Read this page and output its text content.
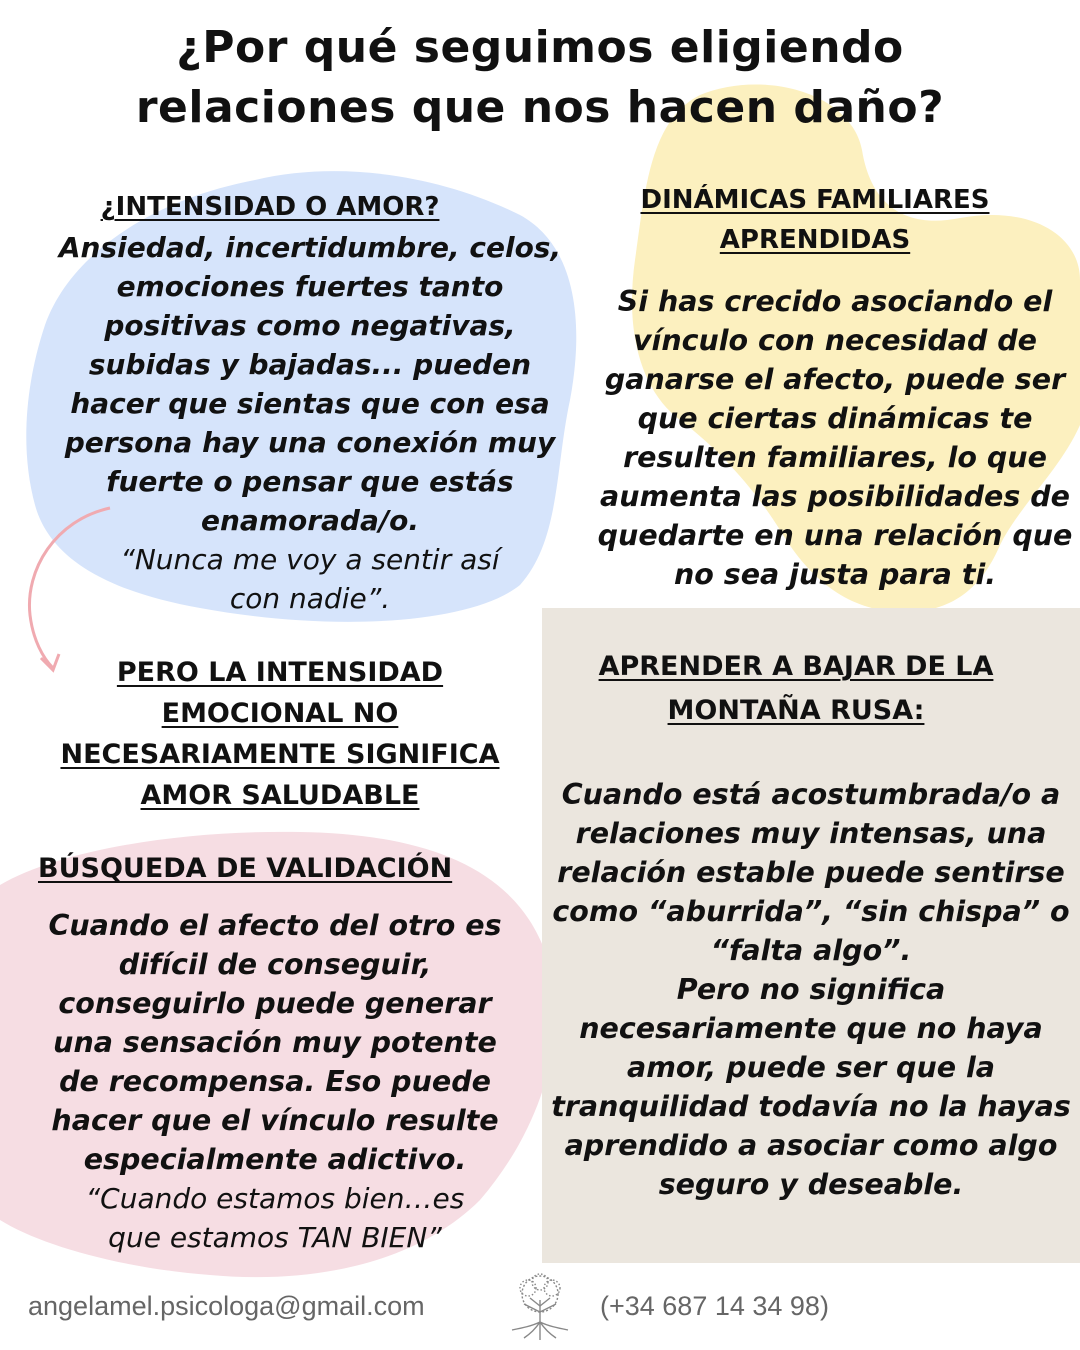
¿Por qué seguimos eligiendo
relaciones que nos hacen daño?

¿INTENSIDAD O AMOR?

Ansiedad, incertidumbre, celos, emociones fuertes tanto positivas como negativas, subidas y bajadas... pueden hacer que sientas que con esa persona hay una conexión muy fuerte o pensar que estás enamorada/o.

“Nunca me voy a sentir así con nadie”.

DINÁMICAS FAMILIARES

APRENDIDAS

Si has crecido asociando el vínculo con necesidad de ganarse el afecto, puede ser que ciertas dinámicas te resulten familiares, lo que aumenta las posibilidades de quedarte en una relación que no sea justa para ti.

PERO LA INTENSIDAD

EMOCIONAL NO

NECESARIAMENTE SIGNIFICA

AMOR SALUDABLE

BÚSQUEDA DE VALIDACIÓN

Cuando el afecto del otro es difícil de conseguir, conseguirlo puede generar una sensación muy potente de recompensa. Eso puede hacer que el vínculo resulte especialmente adictivo.

“Cuando estamos bien…es que estamos TAN BIEN”

APRENDER A BAJAR DE LA

MONTAÑA RUSA:

Cuando está acostumbrada/o a relaciones muy intensas, una relación estable puede sentirse como “aburrida”, “sin chispa” o “falta algo”.

Pero no significa necesariamente que no haya amor, puede ser que la tranquilidad todavía no la hayas aprendido a asociar como algo seguro y deseable.

angelamel.psicologa@gmail.com	(+34 687 14 34 98)
